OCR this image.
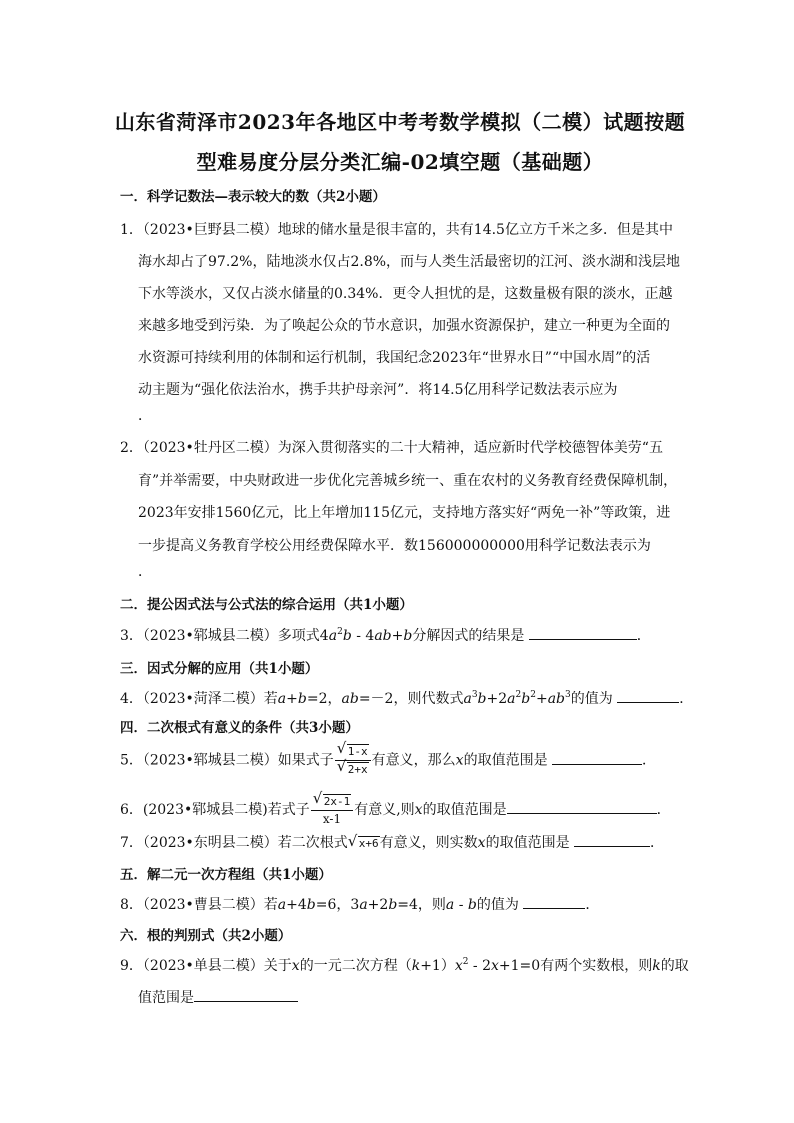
山东省菏泽市2023年各地区中考考数学模拟（二模）试题按题
型难易度分层分类汇编-02填空题（基础题）
一．科学记数法—表示较大的数（共2小题）
1．（2023•巨野县二模）地球的储水量是很丰富的，共有14.5亿立方千米之多．但是其中
海水却占了97.2%，陆地淡水仅占2.8%，而与人类生活最密切的江河、淡水湖和浅层地
下水等淡水，又仅占淡水储量的0.34%．更令人担忧的是，这数量极有限的淡水，正越
来越多地受到污染．为了唤起公众的节水意识，加强水资源保护，建立一种更为全面的
水资源可持续利用的体制和运行机制，我国纪念2023年“世界水日”“中国水周”的活
动主题为“强化依法治水，携手共护母亲河”．将14.5亿用科学记数法表示应为
．
2．（2023•牡丹区二模）为深入贯彻落实的二十大精神，适应新时代学校德智体美劳“五
育”并举需要，中央财政进一步优化完善城乡统一、重在农村的义务教育经费保障机制，
2023年安排1560亿元，比上年增加115亿元，支持地方落实好“两免一补”等政策，进
一步提高义务教育学校公用经费保障水平．数156000000000用科学记数法表示为
．
二．提公因式法与公式法的综合运用（共1小题）
3．（2023•郓城县二模）多项式$4a^2b - 4ab+b$分解因式的结果是	．
三．因式分解的应用（共1小题）
4．（2023•菏泽二模）若a+b=2，ab=－2，则代数式$a^3b+2a^2b^2+ab^3$的值为	．
四．二次根式有意义的条件（共3小题）
5．（2023•郓城县二模）如果式子 √ 1-x
√ 2+x 有意义，那么x的取值范围是	．
6．(2023•郓城县二模)若式子 √ $\frac{2x-1}{x-1}$ 有意义,则x的取值范围是	．
7．（2023•东明县二模）若二次根式 √ x+6有意义，则实数x的取值范围是	．
五．解二元一次方程组（共1小题）
8．（2023•曹县二模）若a+4b=6，3a+2b=4，则a - b的值为	．
六．根的判别式（共2小题）
9．（2023•单县二模）关于x的一元二次方程$(k+1)x^2 - 2x+1=0$有两个实数根，则k的取
值范围是
